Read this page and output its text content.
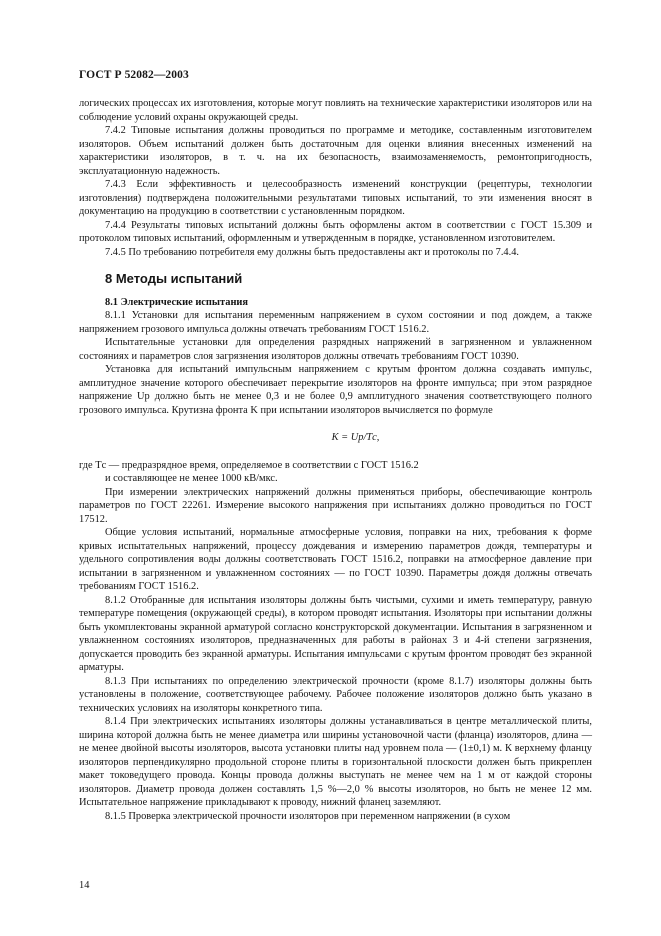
ГОСТ Р 52082—2003

логических процессах их изготовления, которые могут повлиять на технические характеристики изоляторов или на соблюдение условий охраны окружающей среды.

7.4.2 Типовые испытания должны проводиться по программе и методике, составленным изготовителем изоляторов. Объем испытаний должен быть достаточным для оценки влияния внесенных изменений на характеристики изоляторов, в т. ч. на их безопасность, взаимозаменяемость, ремонтопригодность, эксплуатационную надежность.

7.4.3 Если эффективность и целесообразность изменений конструкции (рецептуры, технологии изготовления) подтверждена положительными результатами типовых испытаний, то эти изменения вносят в документацию на продукцию в соответствии с установленным порядком.

7.4.4 Результаты типовых испытаний должны быть оформлены актом в соответствии с ГОСТ 15.309 и протоколом типовых испытаний, оформленным и утвержденным в порядке, установленном изготовителем.

7.4.5 По требованию потребителя ему должны быть предоставлены акт и протоколы по 7.4.4.

8 Методы испытаний
8.1 Электрические испытания

8.1.1 Установки для испытания переменным напряжением в сухом состоянии и под дождем, а также напряжением грозового импульса должны отвечать требованиям ГОСТ 1516.2.

Испытательные установки для определения разрядных напряжений в загрязненном и увлажненном состояниях и параметров слоя загрязнения изоляторов должны отвечать требованиям ГОСТ 10390.

Установка для испытаний импульсным напряжением с крутым фронтом должна создавать импульс, амплитудное значение которого обеспечивает перекрытие изоляторов на фронте импульса; при этом разрядное напряжение Uр должно быть не менее 0,3 и не более 0,9 амплитудного значения соответствующего полного грозового импульса. Крутизна фронта K при испытании изоляторов вычисляется по формуле

K = Uр/Tс,

где Tс — предразрядное время, определяемое в соответствии с ГОСТ 1516.2

и составляющее не менее 1000 кВ/мкс.

При измерении электрических напряжений должны применяться приборы, обеспечивающие контроль параметров по ГОСТ 22261. Измерение высокого напряжения при испытаниях должно проводиться по ГОСТ 17512.

Общие условия испытаний, нормальные атмосферные условия, поправки на них, требования к форме кривых испытательных напряжений, процессу дождевания и измерению параметров дождя, температуры и удельного сопротивления воды должны соответствовать ГОСТ 1516.2, поправки на атмосферное давление при испытании в загрязненном и увлажненном состояниях — по ГОСТ 10390. Параметры дождя должны отвечать требованиям ГОСТ 1516.2.

8.1.2 Отобранные для испытания изоляторы должны быть чистыми, сухими и иметь температуру, равную температуре помещения (окружающей среды), в котором проводят испытания. Изоляторы при испытании должны быть укомплектованы экранной арматурой согласно конструкторской документации. Испытания в загрязненном и увлажненном состояниях изоляторов, предназначенных для работы в районах 3 и 4-й степени загрязнения, допускается проводить без экранной арматуры. Испытания импульсами с крутым фронтом проводят без экранной арматуры.

8.1.3 При испытаниях по определению электрической прочности (кроме 8.1.7) изоляторы должны быть установлены в положение, соответствующее рабочему. Рабочее положение изоляторов должно быть указано в технических условиях на изоляторы конкретного типа.

8.1.4 При электрических испытаниях изоляторы должны устанавливаться в центре металлической плиты, ширина которой должна быть не менее диаметра или ширины установочной части (фланца) изоляторов, длина — не менее двойной высоты изоляторов, высота установки плиты над уровнем пола — (1±0,1) м. К верхнему фланцу изоляторов перпендикулярно продольной стороне плиты в горизонтальной плоскости должен быть прикреплен макет токоведущего провода. Концы провода должны выступать не менее чем на 1 м от каждой стороны изоляторов. Диаметр провода должен составлять 1,5 %—2,0 % высоты изоляторов, но быть не менее 12 мм. Испытательное напряжение прикладывают к проводу, нижний фланец заземляют.

8.1.5 Проверка электрической прочности изоляторов при переменном напряжении (в сухом

14
